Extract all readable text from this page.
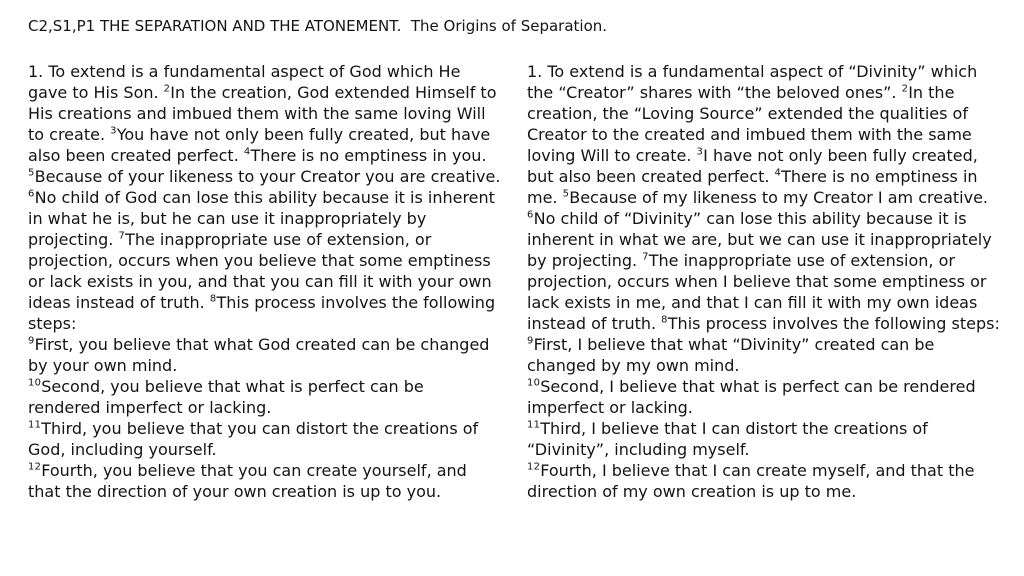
C2,S1,P1 THE SEPARATION AND THE ATONEMENT.  The Origins of Separation.
1. To extend is a fundamental aspect of God which He gave to His Son. $^2$In the creation, God extended Himself to His creations and imbued them with the same loving Will to create. $^3$You have not only been fully created, but have also been created perfect. $^4$There is no emptiness in you. $^5$Because of your likeness to your Creator you are creative. $^6$No child of God can lose this ability because it is inherent in what he is, but he can use it inappropriately by projecting. $^7$The inappropriate use of extension, or projection, occurs when you believe that some emptiness or lack exists in you, and that you can fill it with your own ideas instead of truth. $^8$This process involves the following steps:
$^9$First, you believe that what God created can be changed by your own mind.
$^{10}$Second, you believe that what is perfect can be rendered imperfect or lacking.
$^{11}$Third, you believe that you can distort the creations of God, including yourself.
$^{12}$Fourth, you believe that you can create yourself, and that the direction of your own creation is up to you.
1. To extend is a fundamental aspect of “Divinity” which the “Creator” shares with “the beloved ones”. $^2$In the creation, the “Loving Source” extended the qualities of Creator to the created and imbued them with the same loving Will to create. $^3$I have not only been fully created, but also been created perfect. $^4$There is no emptiness in me. $^5$Because of my likeness to my Creator I am creative. $^6$No child of “Divinity” can lose this ability because it is inherent in what we are, but we can use it inappropriately by projecting. $^7$The inappropriate use of extension, or projection, occurs when I believe that some emptiness or lack exists in me, and that I can fill it with my own ideas instead of truth. $^8$This process involves the following steps:
$^9$First, I believe that what “Divinity” created can be changed by my own mind.
$^{10}$Second, I believe that what is perfect can be rendered imperfect or lacking.
$^{11}$Third, I believe that I can distort the creations of “Divinity”, including myself.
$^{12}$Fourth, I believe that I can create myself, and that the direction of my own creation is up to me.
